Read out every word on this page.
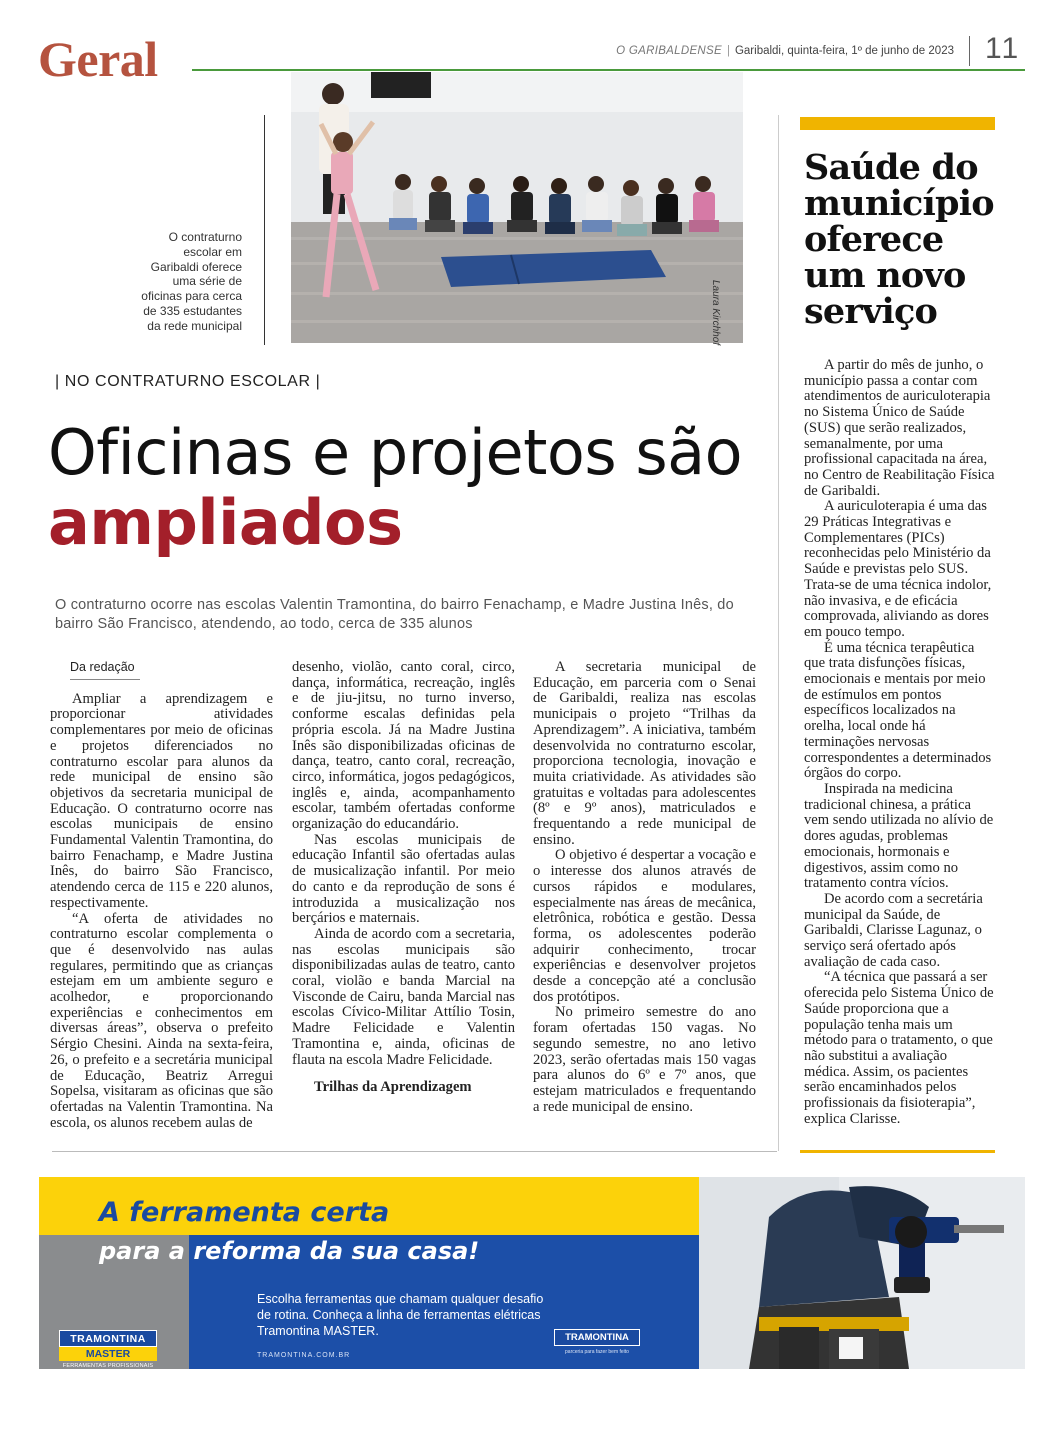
Geral	O GARIBALDENSE | Garibaldi, quinta-feira, 1º de junho de 2023 11
O contraturno escolar em Garibaldi oferece uma série de oficinas para cerca de 335 estudantes da rede municipal	Laura Kirchhof
| NO CONTRATURNO ESCOLAR |
Oficinas e projetos são ampliados
O contraturno ocorre nas escolas Valentin Tramontina, do bairro Fenachamp, e Madre Justina Inês, do bairro São Francisco, atendendo, ao todo, cerca de 335 alunos

Da redação

Ampliar a aprendizagem e proporcionar atividades complementares por meio de oficinas e projetos diferenciados no contraturno escolar para alunos da rede municipal de ensino são objetivos da secretaria municipal de Educação. O contraturno ocorre nas escolas municipais de ensino Fundamental Valentin Tramontina, do bairro Fenachamp, e Madre Justina Inês, do bairro São Francisco, atendendo cerca de 115 e 220 alunos, respectivamente.

“A oferta de atividades no contraturno escolar complementa o que é desenvolvido nas aulas regulares, permitindo que as crianças estejam em um ambiente seguro e acolhedor, e proporcionando experiências e conhecimentos em diversas áreas”, observa o prefeito Sérgio Chesini. Ainda na sexta-feira, 26, o prefeito e a secretária municipal de Educação, Beatriz Arregui Sopelsa, visitaram as oficinas que são ofertadas na Valentin Tramontina. Na escola, os alunos recebem aulas de

desenho, violão, canto coral, circo, dança, informática, recreação, inglês e de jiu-jitsu, no turno inverso, conforme escalas definidas pela própria escola. Já na Madre Justina Inês são disponibilizadas oficinas de dança, teatro, canto coral, recreação, circo, informática, jogos pedagógicos, inglês e, ainda, acompanhamento escolar, também ofertadas conforme organização do educandário.

Nas escolas municipais de educação Infantil são ofertadas aulas de musicalização infantil. Por meio do canto e da reprodução de sons é introduzida a musicalização nos berçários e maternais.

Ainda de acordo com a secretaria, nas escolas municipais são disponibilizadas aulas de teatro, canto coral, violão e banda Marcial na Visconde de Cairu, banda Marcial nas escolas Cívico-Militar Attílio Tosin, Madre Felicidade e Valentin Tramontina e, ainda, oficinas de flauta na escola Madre Felicidade.

Trilhas da Aprendizagem

A secretaria municipal de Educação, em parceria com o Senai de Garibaldi, realiza nas escolas municipais o projeto “Trilhas da Aprendizagem”. A iniciativa, também desenvolvida no contraturno escolar, proporciona tecnologia, inovação e muita criatividade. As atividades são gratuitas e voltadas para adolescentes (8º e 9º anos), matriculados e frequentando a rede municipal de ensino.

O objetivo é despertar a vocação e o interesse dos alunos através de cursos rápidos e modulares, especialmente nas áreas de mecânica, eletrônica, robótica e gestão. Dessa forma, os adolescentes poderão adquirir conhecimento, trocar experiências e desenvolver projetos desde a concepção até a conclusão dos protótipos.

No primeiro semestre do ano foram ofertadas 150 vagas. No segundo semestre, no ano letivo 2023, serão ofertadas mais 150 vagas para alunos do 6º e 7º anos, que estejam matriculados e frequentando a rede municipal de ensino.

Saúde do município oferece um novo serviço

A partir do mês de junho, o município passa a contar com atendimentos de auriculoterapia no Sistema Único de Saúde (SUS) que serão realizados, semanalmente, por uma profissional capacitada na área, no Centro de Reabilitação Física de Garibaldi.

A auriculoterapia é uma das 29 Práticas Integrativas e Complementares (PICs) reconhecidas pelo Ministério da Saúde e previstas pelo SUS. Trata-se de uma técnica indolor, não invasiva, e de eficácia comprovada, aliviando as dores em pouco tempo.

É uma técnica terapêutica que trata disfunções físicas, emocionais e mentais por meio de estímulos em pontos específicos localizados na orelha, local onde há terminações nervosas correspondentes a determinados órgãos do corpo.

Inspirada na medicina tradicional chinesa, a prática vem sendo utilizada no alívio de dores agudas, problemas emocionais, hormonais e digestivos, assim como no tratamento contra vícios.

De acordo com a secretária municipal da Saúde, de Garibaldi, Clarisse Lagunaz, o serviço será ofertado após avaliação de cada caso.

“A técnica que passará a ser oferecida pelo Sistema Único de Saúde proporciona que a população tenha mais um método para o tratamento, o que não substitui a avaliação médica. Assim, os pacientes serão encaminhados pelos profissionais da fisioterapia”, explica Clarisse.

A ferramenta certa
para a reforma da sua casa!
Escolha ferramentas que chamam qualquer desafio de rotina. Conheça a linha de ferramentas elétricas Tramontina MASTER.
TRAMONTINA.COM.BR
TRAMONTINA
MASTER
FERRAMENTAS PROFISSIONAIS
TRAMONTINA
parceria para fazer bem feito
